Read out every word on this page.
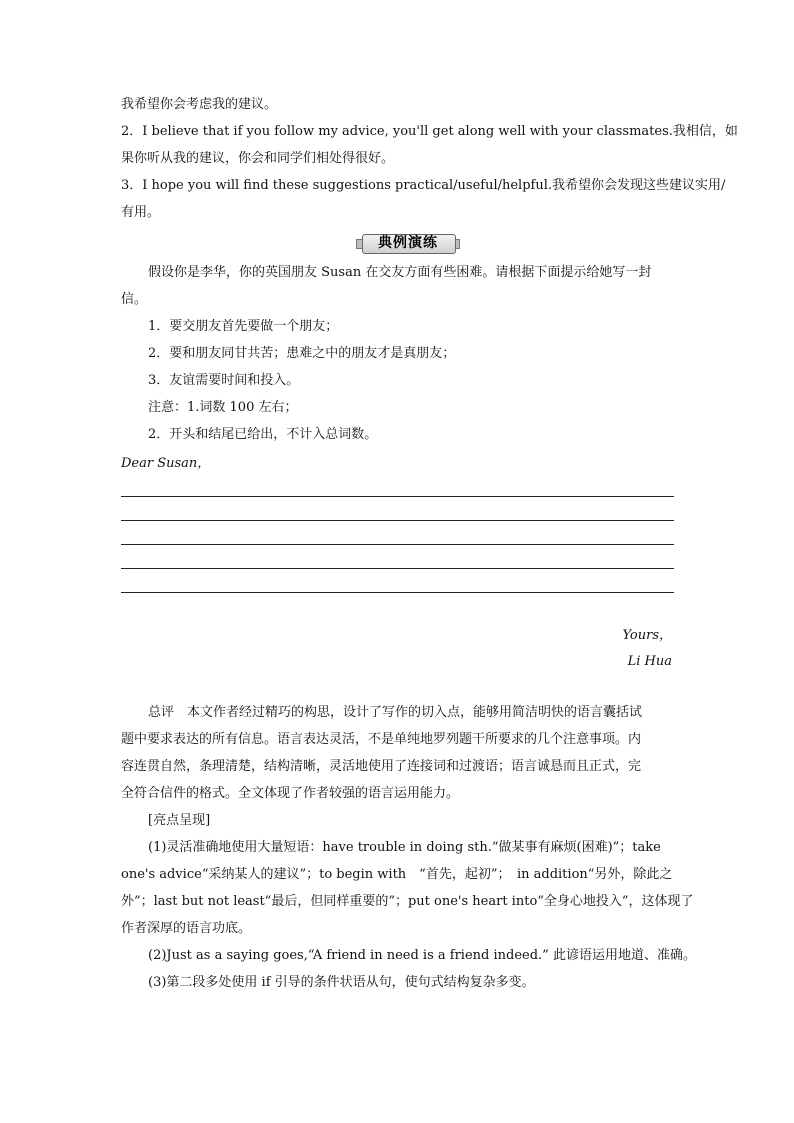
我希望你会考虑我的建议。
2．I believe that if you follow my advice, you'll get along well with your classmates.我相信，如
果你听从我的建议，你会和同学们相处得很好。
3．I hope you will find these suggestions practical/useful/helpful.我希望你会发现这些建议实用/
有用。
典例演练
假设你是李华，你的英国朋友 Susan 在交友方面有些困难。请根据下面提示给她写一封
信。
1．要交朋友首先要做一个朋友；
2．要和朋友同甘共苦；患难之中的朋友才是真朋友；
3．友谊需要时间和投入。
注意：1.词数 100 左右；
2．开头和结尾已给出，不计入总词数。
Dear Susan，
Yours，
Li Hua
总评　本文作者经过精巧的构思，设计了写作的切入点，能够用简洁明快的语言囊括试
题中要求表达的所有信息。语言表达灵活，不是单纯地罗列题干所要求的几个注意事项。内
容连贯自然，条理清楚，结构清晰，灵活地使用了连接词和过渡语；语言诚恳而且正式，完
全符合信件的格式。全文体现了作者较强的语言运用能力。
[亮点呈现]
(1)灵活准确地使用大量短语：have trouble in doing sth.“做某事有麻烦(困难)”；take
one's advice“采纳某人的建议”；to begin with　“首先，起初”；　in addition“另外，除此之
外”；last but not least“最后，但同样重要的”；put one's heart into“全身心地投入”，这体现了
作者深厚的语言功底。
(2)Just as a saying goes,“A friend in need is a friend indeed.” 此谚语运用地道、准确。
(3)第二段多处使用 if 引导的条件状语从句，使句式结构复杂多变。
